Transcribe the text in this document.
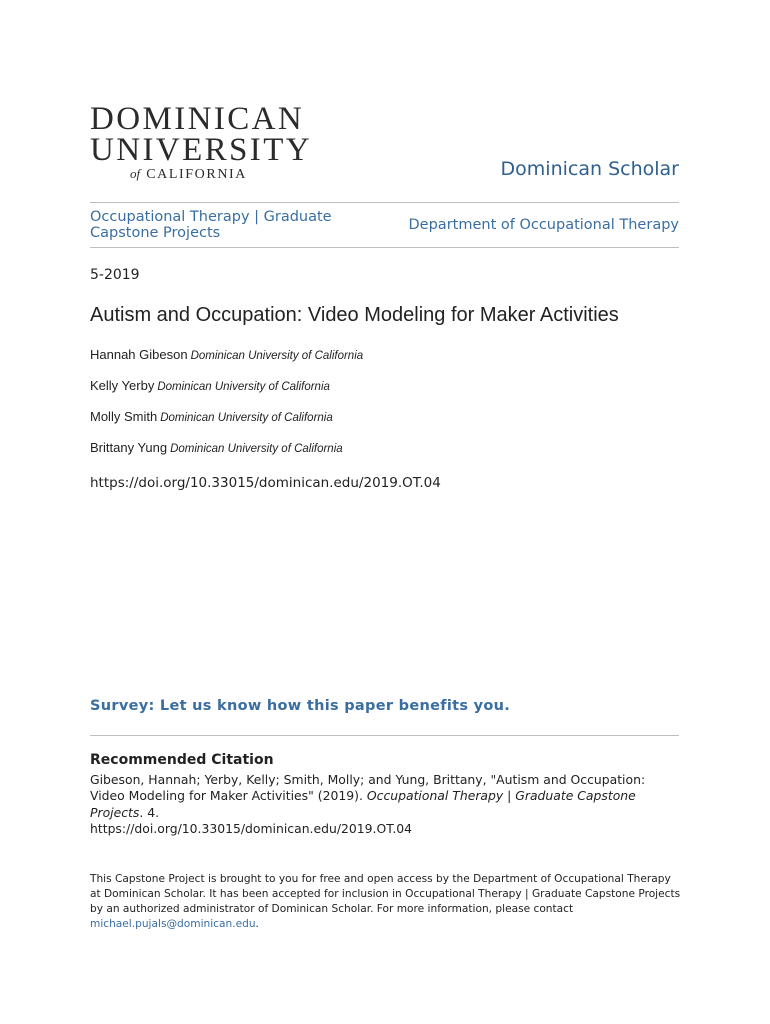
DOMINICAN
UNIVERSITY
of CALIFORNIA	Dominican Scholar
Occupational Therapy | Graduate Capstone Projects	Department of Occupational Therapy
5-2019
Autism and Occupation: Video Modeling for Maker Activities
Hannah Gibeson Dominican University of California
Kelly Yerby Dominican University of California
Molly Smith Dominican University of California
Brittany Yung Dominican University of California
https://doi.org/10.33015/dominican.edu/2019.OT.04
Survey: Let us know how this paper benefits you.
Recommended Citation
Gibeson, Hannah; Yerby, Kelly; Smith, Molly; and Yung, Brittany, "Autism and Occupation: Video Modeling for Maker Activities" (2019). Occupational Therapy | Graduate Capstone Projects. 4.
https://doi.org/10.33015/dominican.edu/2019.OT.04
This Capstone Project is brought to you for free and open access by the Department of Occupational Therapy at Dominican Scholar. It has been accepted for inclusion in Occupational Therapy | Graduate Capstone Projects by an authorized administrator of Dominican Scholar. For more information, please contact michael.pujals@dominican.edu.
